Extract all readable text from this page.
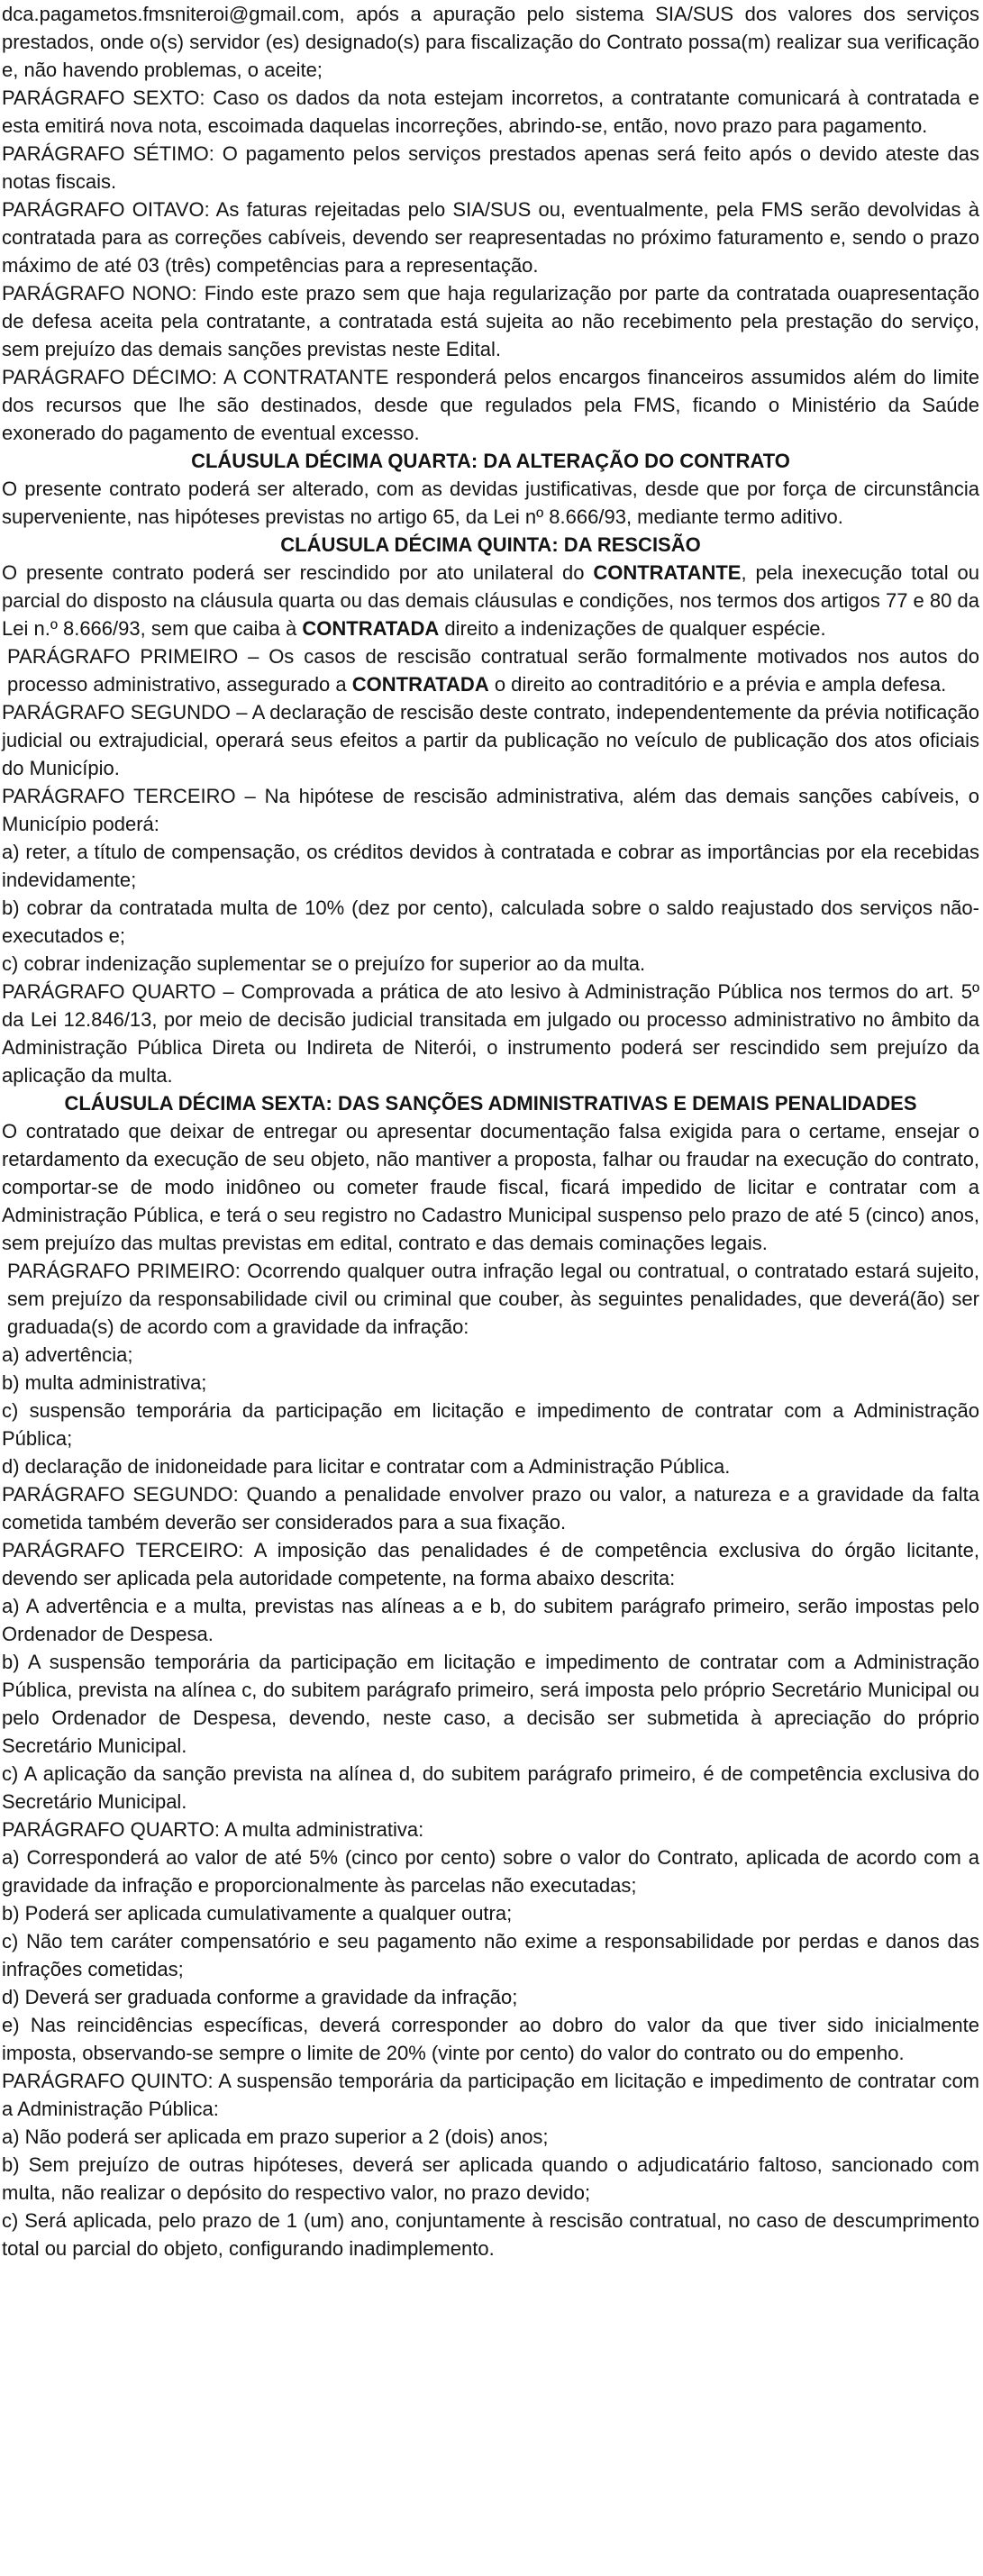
dca.pagametos.fmsniteroi@gmail.com, após a apuração pelo sistema SIA/SUS dos valores dos serviços prestados, onde o(s) servidor (es) designado(s) para fiscalização do Contrato possa(m) realizar sua verificação e, não havendo problemas, o aceite;

PARÁGRAFO SEXTO: Caso os dados da nota estejam incorretos, a contratante comunicará à contratada e esta emitirá nova nota, escoimada daquelas incorreções, abrindo-se, então, novo prazo para pagamento.

PARÁGRAFO SÉTIMO: O pagamento pelos serviços prestados apenas será feito após o devido ateste das notas fiscais.

PARÁGRAFO OITAVO: As faturas rejeitadas pelo SIA/SUS ou, eventualmente, pela FMS serão devolvidas à contratada para as correções cabíveis, devendo ser reapresentadas no próximo faturamento e, sendo o prazo máximo de até 03 (três) competências para a representação.

PARÁGRAFO NONO: Findo este prazo sem que haja regularização por parte da contratada ouapresentação de defesa aceita pela contratante, a contratada está sujeita ao não recebimento pela prestação do serviço, sem prejuízo das demais sanções previstas neste Edital.

PARÁGRAFO DÉCIMO: A CONTRATANTE responderá pelos encargos financeiros assumidos além do limite dos recursos que lhe são destinados, desde que regulados pela FMS, ficando o Ministério da Saúde exonerado do pagamento de eventual excesso.

CLÁUSULA DÉCIMA QUARTA: DA ALTERAÇÃO DO CONTRATO

O presente contrato poderá ser alterado, com as devidas justificativas, desde que por força de circunstância superveniente, nas hipóteses previstas no artigo 65, da Lei nº 8.666/93, mediante termo aditivo.

CLÁUSULA DÉCIMA QUINTA: DA RESCISÃO

O presente contrato poderá ser rescindido por ato unilateral do CONTRATANTE, pela inexecução total ou parcial do disposto na cláusula quarta ou das demais cláusulas e condições, nos termos dos artigos 77 e 80 da Lei n.º 8.666/93, sem que caiba à CONTRATADA direito a indenizações de qualquer espécie.

PARÁGRAFO PRIMEIRO – Os casos de rescisão contratual serão formalmente motivados nos autos do processo administrativo, assegurado a CONTRATADA o direito ao contraditório e a prévia e ampla defesa.

PARÁGRAFO SEGUNDO – A declaração de rescisão deste contrato, independentemente da prévia notificação judicial ou extrajudicial, operará seus efeitos a partir da publicação no veículo de publicação dos atos oficiais do Município.

PARÁGRAFO TERCEIRO – Na hipótese de rescisão administrativa, além das demais sanções cabíveis, o Município poderá:

a) reter, a título de compensação, os créditos devidos à contratada e cobrar as importâncias por ela recebidas indevidamente;

b) cobrar da contratada multa de 10% (dez por cento), calculada sobre o saldo reajustado dos serviços não-executados e;

c) cobrar indenização suplementar se o prejuízo for superior ao da multa.

PARÁGRAFO QUARTO – Comprovada a prática de ato lesivo à Administração Pública nos termos do art. 5º da Lei 12.846/13, por meio de decisão judicial transitada em julgado ou processo administrativo no âmbito da Administração Pública Direta ou Indireta de Niterói, o instrumento poderá ser rescindido sem prejuízo da aplicação da multa.

CLÁUSULA DÉCIMA SEXTA: DAS SANÇÕES ADMINISTRATIVAS E DEMAIS PENALIDADES

O contratado que deixar de entregar ou apresentar documentação falsa exigida para o certame, ensejar o retardamento da execução de seu objeto, não mantiver a proposta, falhar ou fraudar na execução do contrato, comportar-se de modo inidôneo ou cometer fraude fiscal, ficará impedido de licitar e contratar com a Administração Pública, e terá o seu registro no Cadastro Municipal suspenso pelo prazo de até 5 (cinco) anos, sem prejuízo das multas previstas em edital, contrato e das demais cominações legais.

PARÁGRAFO PRIMEIRO: Ocorrendo qualquer outra infração legal ou contratual, o contratado estará sujeito, sem prejuízo da responsabilidade civil ou criminal que couber, às seguintes penalidades, que deverá(ão) ser graduada(s) de acordo com a gravidade da infração:

a) advertência;

b) multa administrativa;

c) suspensão temporária da participação em licitação e impedimento de contratar com a Administração Pública;

d) declaração de inidoneidade para licitar e contratar com a Administração Pública.

PARÁGRAFO SEGUNDO: Quando a penalidade envolver prazo ou valor, a natureza e a gravidade da falta cometida também deverão ser considerados para a sua fixação.

PARÁGRAFO TERCEIRO: A imposição das penalidades é de competência exclusiva do órgão licitante, devendo ser aplicada pela autoridade competente, na forma abaixo descrita:

a) A advertência e a multa, previstas nas alíneas a e b, do subitem parágrafo primeiro, serão impostas pelo Ordenador de Despesa.

b) A suspensão temporária da participação em licitação e impedimento de contratar com a Administração Pública, prevista na alínea c, do subitem parágrafo primeiro, será imposta pelo próprio Secretário Municipal ou pelo Ordenador de Despesa, devendo, neste caso, a decisão ser submetida à apreciação do próprio Secretário Municipal.

c) A aplicação da sanção prevista na alínea d, do subitem parágrafo primeiro, é de competência exclusiva do Secretário Municipal.

PARÁGRAFO QUARTO: A multa administrativa:

a) Corresponderá ao valor de até 5% (cinco por cento) sobre o valor do Contrato, aplicada de acordo com a gravidade da infração e proporcionalmente às parcelas não executadas;

b) Poderá ser aplicada cumulativamente a qualquer outra;

c) Não tem caráter compensatório e seu pagamento não exime a responsabilidade por perdas e danos das infrações cometidas;

d) Deverá ser graduada conforme a gravidade da infração;

e) Nas reincidências específicas, deverá corresponder ao dobro do valor da que tiver sido inicialmente imposta, observando-se sempre o limite de 20% (vinte por cento) do valor do contrato ou do empenho.

PARÁGRAFO QUINTO: A suspensão temporária da participação em licitação e impedimento de contratar com a Administração Pública:

a) Não poderá ser aplicada em prazo superior a 2 (dois) anos;

b) Sem prejuízo de outras hipóteses, deverá ser aplicada quando o adjudicatário faltoso, sancionado com multa, não realizar o depósito do respectivo valor, no prazo devido;

c) Será aplicada, pelo prazo de 1 (um) ano, conjuntamente à rescisão contratual, no caso de descumprimento total ou parcial do objeto, configurando inadimplemento.
